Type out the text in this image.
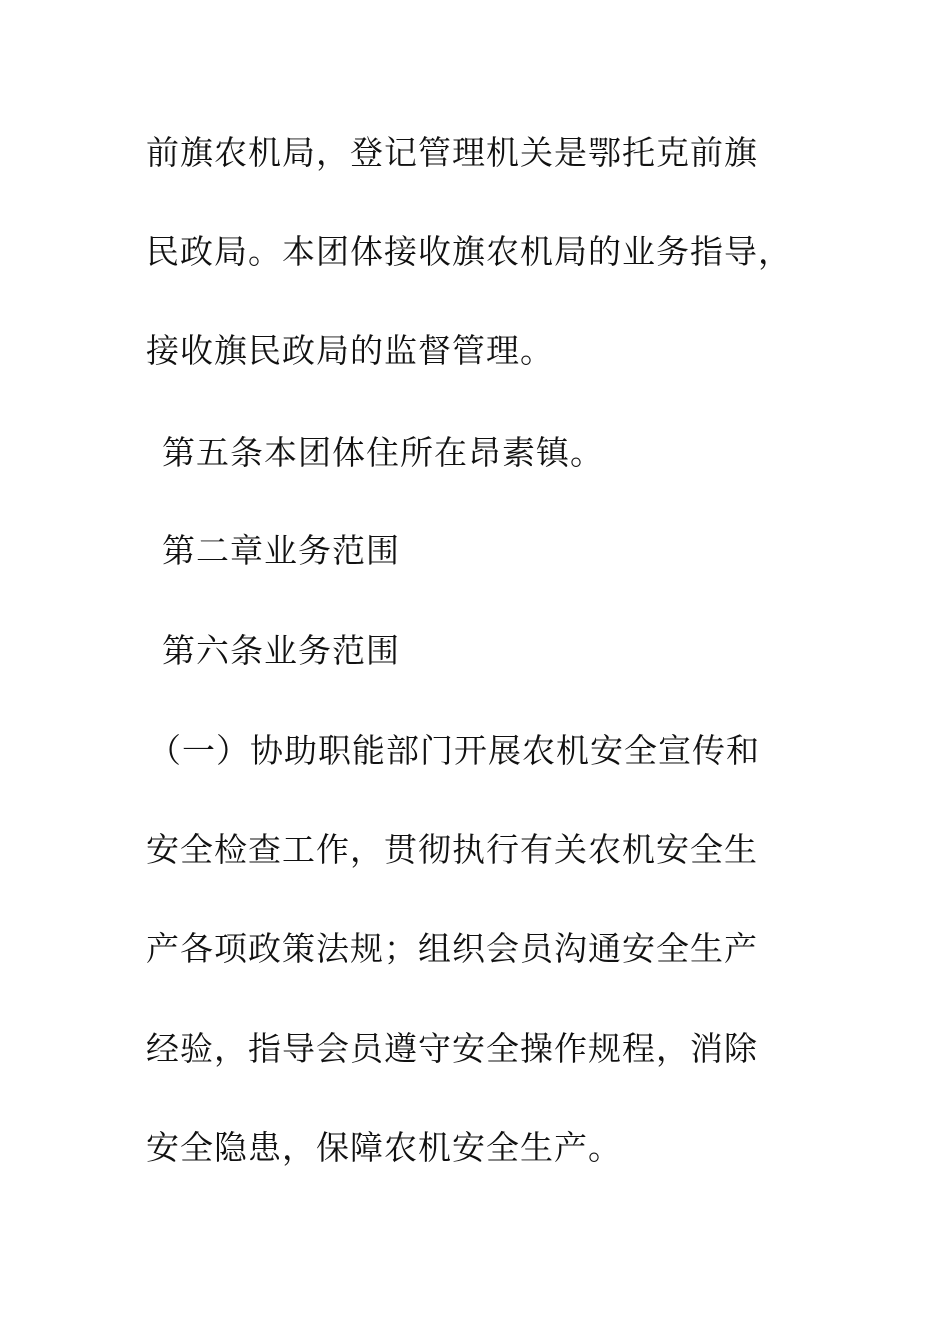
前旗农机局，登记管理机关是鄂托克前旗
民政局。本团体接收旗农机局的业务指导，
接收旗民政局的监督管理。
第五条本团体住所在昂素镇。
第二章业务范围
第六条业务范围
（一）协助职能部门开展农机安全宣传和
安全检查工作，贯彻执行有关农机安全生
产各项政策法规；组织会员沟通安全生产
经验，指导会员遵守安全操作规程，消除
安全隐患，保障农机安全生产。
